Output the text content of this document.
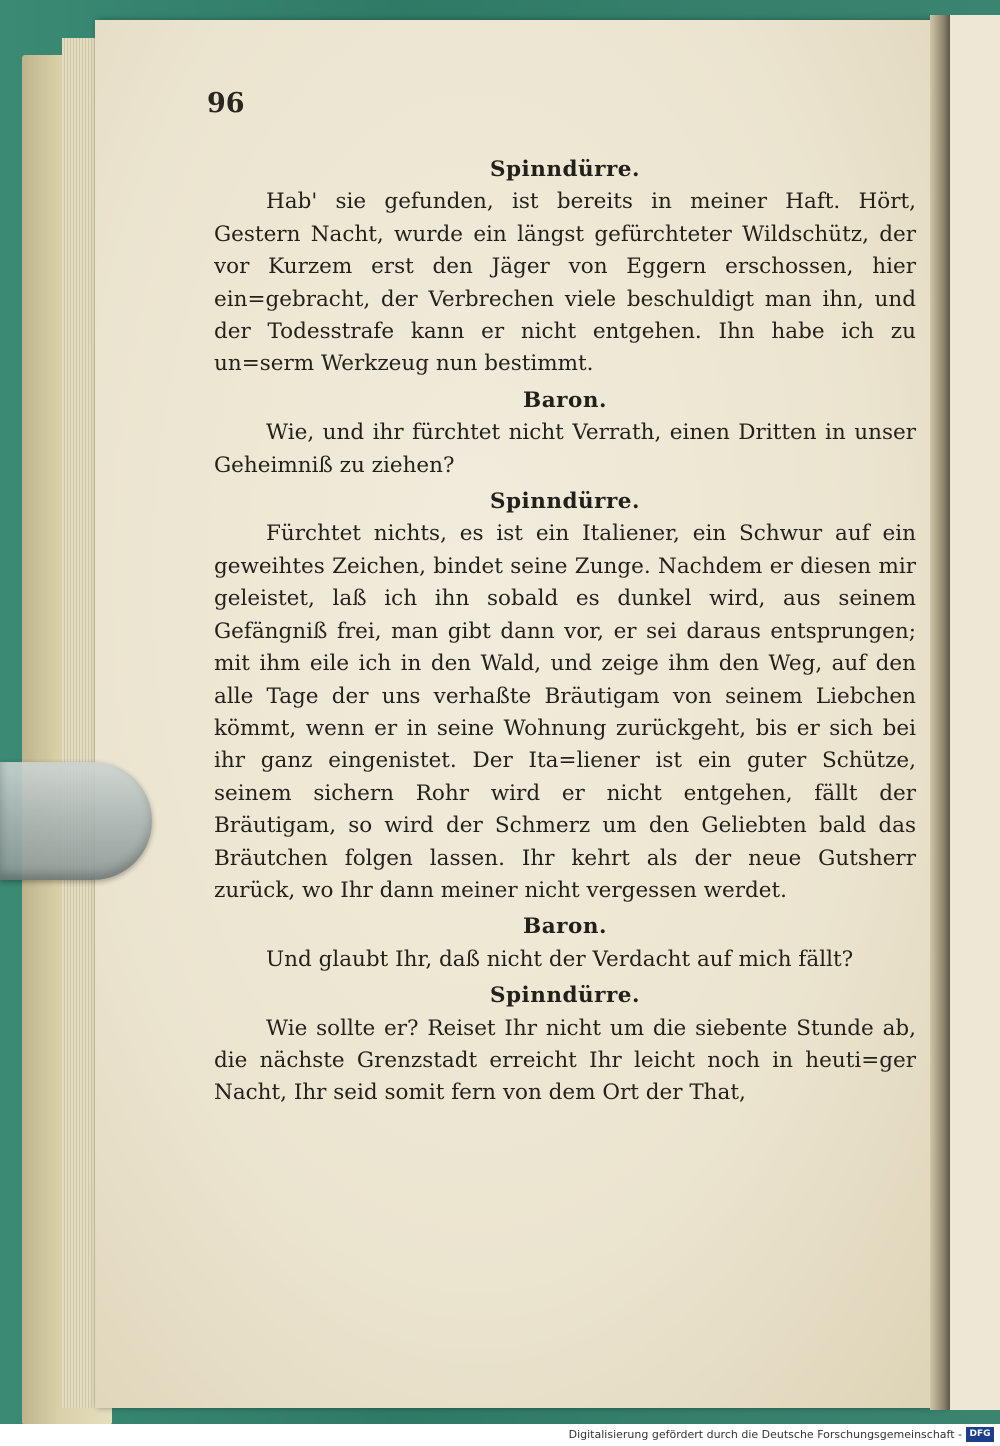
96
Spinndürre.

Hab' sie gefunden, ist bereits in meiner Haft. Hört, Gestern Nacht, wurde ein längst gefürchteter Wildschütz, der vor Kurzem erst den Jäger von Eggern erschossen, hier ein=gebracht, der Verbrechen viele beschuldigt man ihn, und der Todesstrafe kann er nicht entgehen. Ihn habe ich zu un=serm Werkzeug nun bestimmt.

Baron.

Wie, und ihr fürchtet nicht Verrath, einen Dritten in unser Geheimniß zu ziehen?

Spinndürre.

Fürchtet nichts, es ist ein Italiener, ein Schwur auf ein geweihtes Zeichen, bindet seine Zunge. Nachdem er diesen mir geleistet, laß ich ihn sobald es dunkel wird, aus seinem Gefängniß frei, man gibt dann vor, er sei daraus entsprungen; mit ihm eile ich in den Wald, und zeige ihm den Weg, auf den alle Tage der uns verhaßte Bräutigam von seinem Liebchen kömmt, wenn er in seine Wohnung zurückgeht, bis er sich bei ihr ganz eingenistet. Der Ita=liener ist ein guter Schütze, seinem sichern Rohr wird er nicht entgehen, fällt der Bräutigam, so wird der Schmerz um den Geliebten bald das Bräutchen folgen lassen. Ihr kehrt als der neue Gutsherr zurück, wo Ihr dann meiner nicht vergessen werdet.

Baron.

Und glaubt Ihr, daß nicht der Verdacht auf mich fällt?

Spinndürre.

Wie sollte er? Reiset Ihr nicht um die siebente Stunde ab, die nächste Grenzstadt erreicht Ihr leicht noch in heuti=ger Nacht, Ihr seid somit fern von dem Ort der That,

Digitalisierung gefördert durch die Deutsche Forschungsgemeinschaft - DFG
